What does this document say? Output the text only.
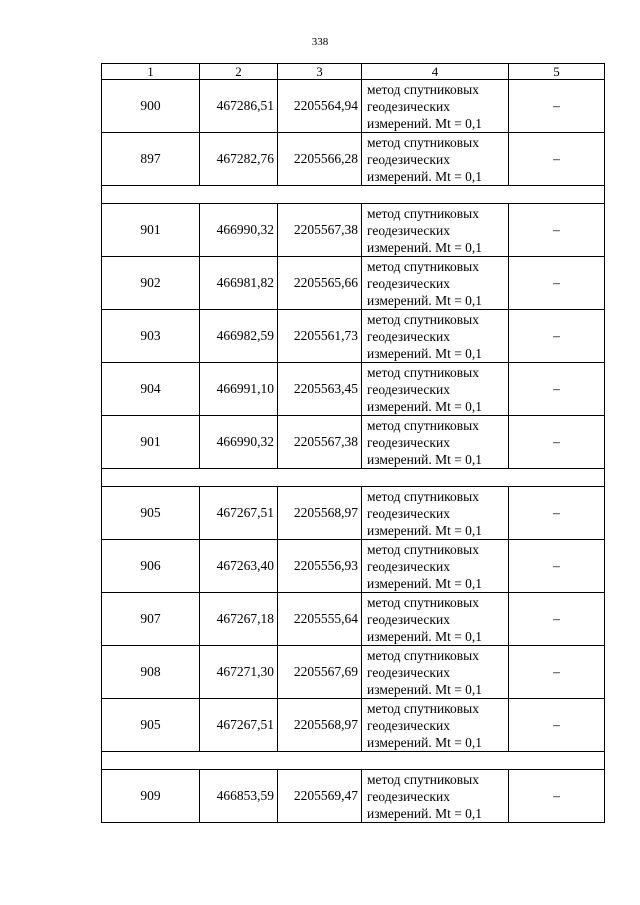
338
1	2	3	4	5
900	467286,51	2205564,94	метод спутниковых
геодезических
измерений. Mt = 0,1	–
897	467282,76	2205566,28	метод спутниковых
геодезических
измерений. Mt = 0,1	–

901	466990,32	2205567,38	метод спутниковых
геодезических
измерений. Mt = 0,1	–
902	466981,82	2205565,66	метод спутниковых
геодезических
измерений. Mt = 0,1	–
903	466982,59	2205561,73	метод спутниковых
геодезических
измерений. Mt = 0,1	–
904	466991,10	2205563,45	метод спутниковых
геодезических
измерений. Mt = 0,1	–
901	466990,32	2205567,38	метод спутниковых
геодезических
измерений. Mt = 0,1	–

905	467267,51	2205568,97	метод спутниковых
геодезических
измерений. Mt = 0,1	–
906	467263,40	2205556,93	метод спутниковых
геодезических
измерений. Mt = 0,1	–
907	467267,18	2205555,64	метод спутниковых
геодезических
измерений. Mt = 0,1	–
908	467271,30	2205567,69	метод спутниковых
геодезических
измерений. Mt = 0,1	–
905	467267,51	2205568,97	метод спутниковых
геодезических
измерений. Mt = 0,1	–

909	466853,59	2205569,47	метод спутниковых
геодезических
измерений. Mt = 0,1	–
